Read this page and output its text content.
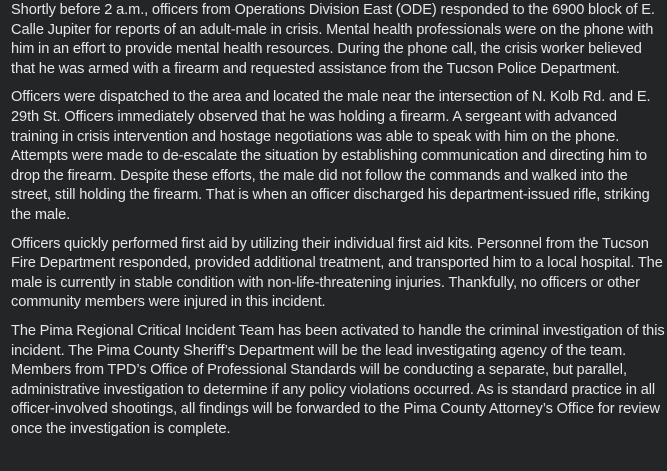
Shortly before 2 a.m., officers from Operations Division East (ODE) responded to the 6900 block of E. Calle Jupiter for reports of an adult-male in crisis. Mental health professionals were on the phone with him in an effort to provide mental health resources. During the phone call, the crisis worker believed that he was armed with a firearm and requested assistance from the Tucson Police Department.

Officers were dispatched to the area and located the male near the intersection of N. Kolb Rd. and E. 29th St. Officers immediately observed that he was holding a firearm. A sergeant with advanced training in crisis intervention and hostage negotiations was able to speak with him on the phone. Attempts were made to de-escalate the situation by establishing communication and directing him to drop the firearm. Despite these efforts, the male did not follow the commands and walked into the street, still holding the firearm. That is when an officer discharged his department-issued rifle, striking the male.

Officers quickly performed first aid by utilizing their individual first aid kits. Personnel from the Tucson Fire Department responded, provided additional treatment, and transported him to a local hospital. The male is currently in stable condition with non-life-threatening injuries. Thankfully, no officers or other community members were injured in this incident.

The Pima Regional Critical Incident Team has been activated to handle the criminal investigation of this incident. The Pima County Sheriff’s Department will be the lead investigating agency of the team. Members from TPD’s Office of Professional Standards will be conducting a separate, but parallel, administrative investigation to determine if any policy violations occurred. As is standard practice in all officer-involved shootings, all findings will be forwarded to the Pima County Attorney’s Office for review once the investigation is complete.
